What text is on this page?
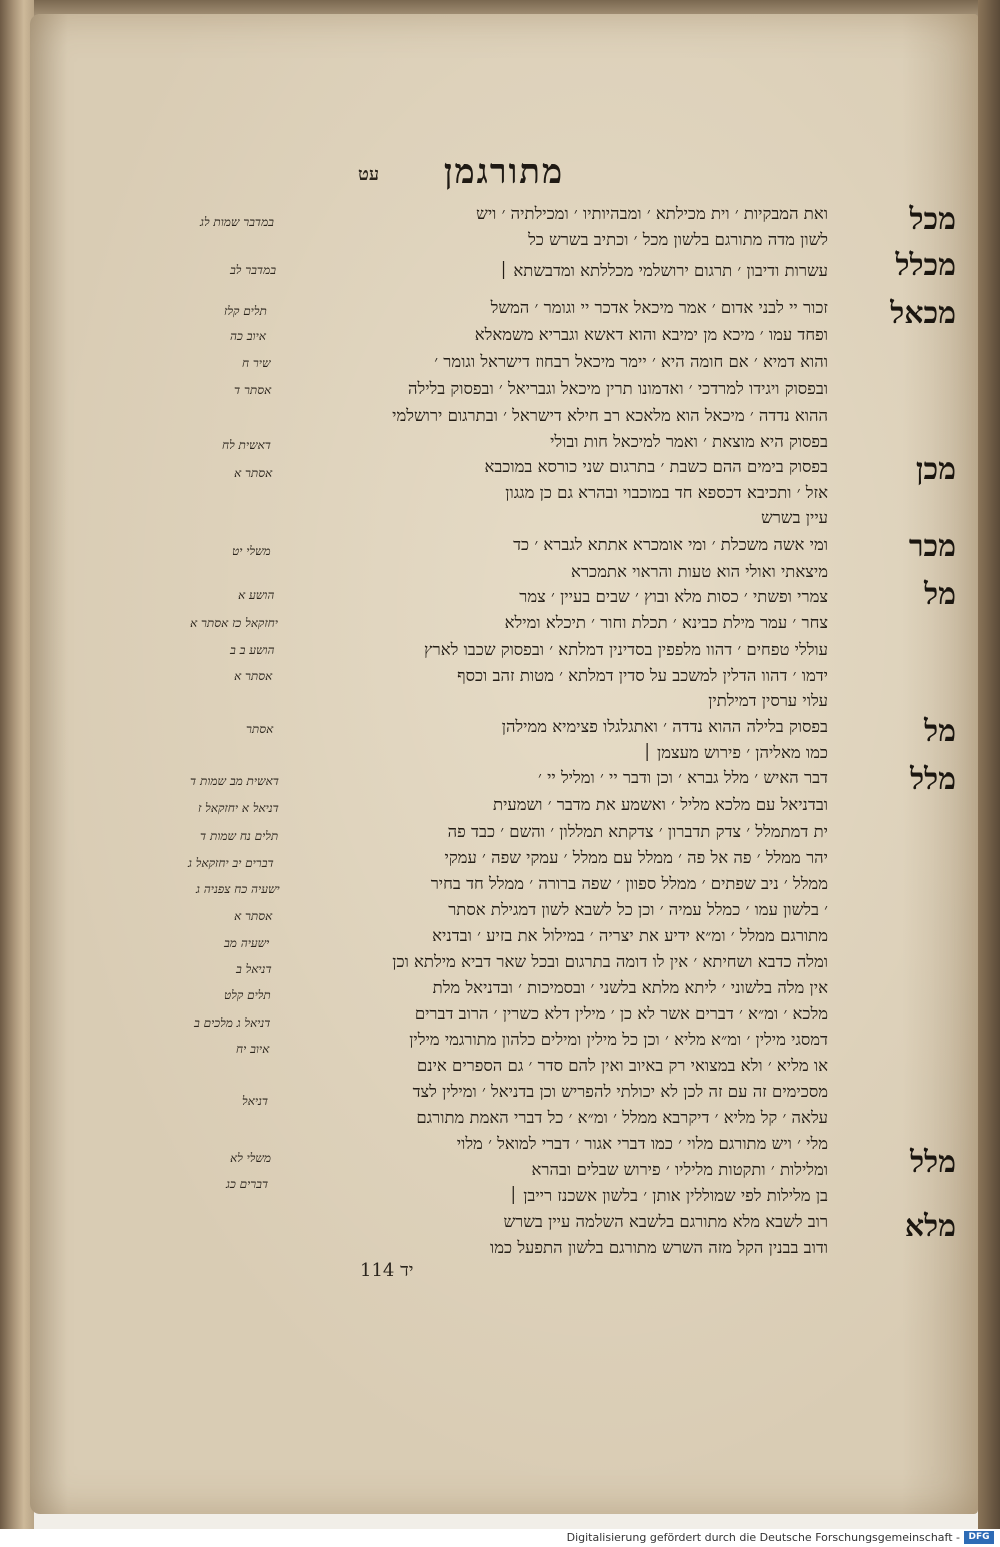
מתורגמן
עט
ואת המבקיות ׳ וית מכילתא ׳ ומבהיותיו ׳ ומכילתיה ׳ ויש
לשון מדה מתורגם בלשון מכל ׳ וכתיב בשרש כל
עשרות ודיבון ׳ תרגום ירושלמי מכללתא ומדבשתא ׀
זכור יי לבני אדום ׳ אמר מיכאל אדכר יי וגומר ׳ המשל
ופחד עמו ׳ מיכא מן ימיבא והוא דאשא וגבריא משמאלא
והוא דמיא ׳ אם חומה היא ׳ יימר מיכאל רבחוז דישראל וגומר ׳
ובפסוק ויגידו למרדכי ׳ ואדמונו תרין מיכאל וגבריאל ׳ ובפסוק בלילה
ההוא נדדה ׳ מיכאל הוא מלאכא רב חילא דישראל ׳ ובתרגום ירושלמי
בפסוק היא מוצאת ׳ ואמר למיכאל חות ובולי
בפסוק בימים ההם כשבת ׳ בתרגום שני כורסא במוכבא
אזל ׳ ותכיבא דכספא חד במוכבוי ובהרא גם כן מגגון
עיין בשרש
ומי אשה משכלת ׳ ומי אומכרא אתתא לגברא ׳ כד
מיצאתי ואולי הוא טעות והראוי אתמכרא
צמרי ופשתי ׳ כסות מלא ובוץ ׳ שבים בעיין ׳ צמר
צחר ׳ עמר מילת כבינא ׳ תכלת וחור ׳ תיכלא ומילא
עוללי טפחים ׳ דהוו מלפפין בסדינין דמלתא ׳ ובפסוק שכבו לארץ
ידמו ׳ דהוו הדלין למשכב על סדין דמלתא ׳ מטות זהב וכסף
עלוי ערסין דמילתין
בפסוק בלילה ההוא נדדה ׳ ואתגלגלו פצימיא ממילהן
כמו מאליהן ׳ פירוש מעצמן ׀
דבר האיש ׳ מלל גברא ׳ וכן ודבר יי ׳ ומליל יי ׳
ובדניאל עם מלכא מליל ׳ ואשמע את מדבר ׳ ושמעית
ית דמתמלל ׳ צדק תדברון ׳ צדקתא תמללון ׳ והשם ׳ כבד פה
יהר ממלל ׳ פה אל פה ׳ ממלל עם ממלל ׳ עמקי שפה ׳ עמקי
ממלל ׳ ניב שפתים ׳ ממלל ספוון ׳ שפה ברורה ׳ ממלל חד בחיר
׳ בלשון עמו ׳ כמלל עמיה ׳ וכן כל לשבא לשון דמגילת אסתר
מתורגם ממלל ׳ ומ״א ידיע את יצריה ׳ במילול את בזיע ׳ ובדניא
ומלה כדבא ושחיתא ׳ אין לו דומה בתרגום ובכל שאר דביא מילתא וכן
אין מלה בלשוני ׳ ליתא מלתא בלשני ׳ ובסמיכות ׳ ובדניאל מלת
מלכא ׳ ומ״א ׳ דברים אשר לא כן ׳ מילין דלא כשרין ׳ הרוב דברים
דמסגי מילין ׳ ומ״א מליא ׳ וכן כל מילין ומילים כלהון מתורגמי מילין
או מליא ׳ ולא במצואי רק באיוב ואין להם סדר ׳ גם הספרים אינם
מסכימים זה עם זה לכן לא יכולתי להפריש וכן בדניאל ׳ ומילין לצד
עלאה ׳ קל מליא ׳ דיקרבא ממלל ׳ ומ״א ׳ כל דברי האמת מתורגם
מלי ׳ ויש מתורגם מלוי ׳ כמו דברי אגור ׳ דברי למואל ׳ מלוי
ומלילות ׳ ותקטות מליליו ׳ פירוש שבלים ובהרא
בן מלילות לפי שמוללין אותן ׳ בלשון אשכנז רייבן ׀
רוב לשבא מלא מתורגם בלשבא השלמה עיין בשרש
ודוב בבנין הקל מזה השרש מתורגם בלשון התפעל כמו
מכל
מכלל
מכאל
מכן
מכר
מל
מל
מלל
מלל
מלא
במדבר שמות לג
במדבר לב
תלים קלז
איוב כה
שיר ח
אסתר ד
דאשית לח
אסתר א
משלי יט
הושע א
יחזקאל כז אסתר א
הושע ב ב
אסתר א
אסתר
דאשית מב שמות ד
דניאל א יחזקאל ז
תלים נח שמות ד
דברים יב יחזקאל ג
ישעיה כח צפניה ג
אסתר א
ישעיה מב
דניאל ב
תלים קלט
דניאל ג מלכים ב
איוב יח
דניאל
משלי לא
דברים כג
114 יד
Digitalisierung gefördert durch die Deutsche Forschungsgemeinschaft - DFG
